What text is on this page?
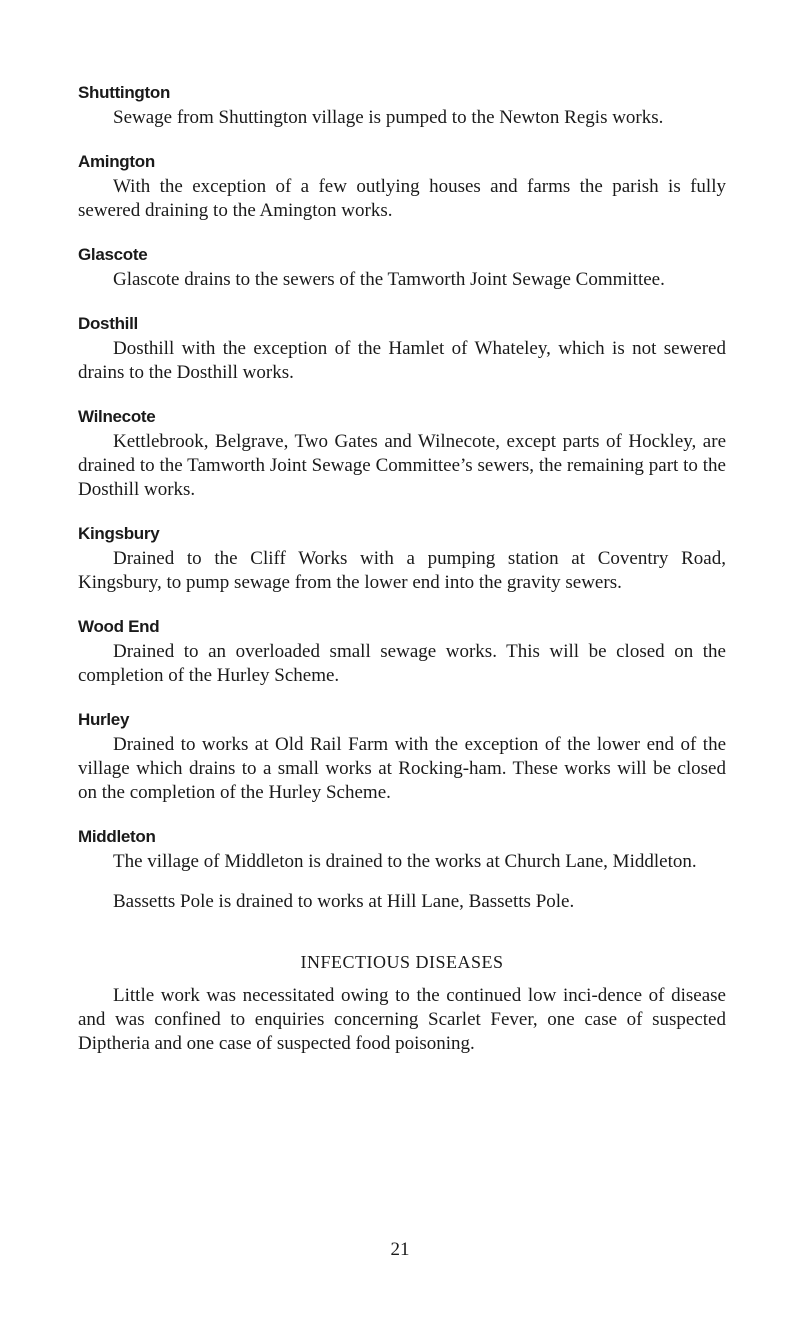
Shuttington

Sewage from Shuttington village is pumped to the Newton Regis works.

Amington

With the exception of a few outlying houses and farms the parish is fully sewered draining to the Amington works.

Glascote

Glascote drains to the sewers of the Tamworth Joint Sewage Committee.

Dosthill

Dosthill with the exception of the Hamlet of Whateley, which is not sewered drains to the Dosthill works.

Wilnecote

Kettlebrook, Belgrave, Two Gates and Wilnecote, except parts of Hockley, are drained to the Tamworth Joint Sewage Committee’s sewers, the remaining part to the Dosthill works.

Kingsbury

Drained to the Cliff Works with a pumping station at Coventry Road, Kingsbury, to pump sewage from the lower end into the gravity sewers.

Wood End

Drained to an overloaded small sewage works. This will be closed on the completion of the Hurley Scheme.

Hurley

Drained to works at Old Rail Farm with the exception of the lower end of the village which drains to a small works at Rocking-ham. These works will be closed on the completion of the Hurley Scheme.

Middleton

The village of Middleton is drained to the works at Church Lane, Middleton.

Bassetts Pole is drained to works at Hill Lane, Bassetts Pole.

INFECTIOUS DISEASES

Little work was necessitated owing to the continued low inci-dence of disease and was confined to enquiries concerning Scarlet Fever, one case of suspected Diptheria and one case of suspected food poisoning.

21
